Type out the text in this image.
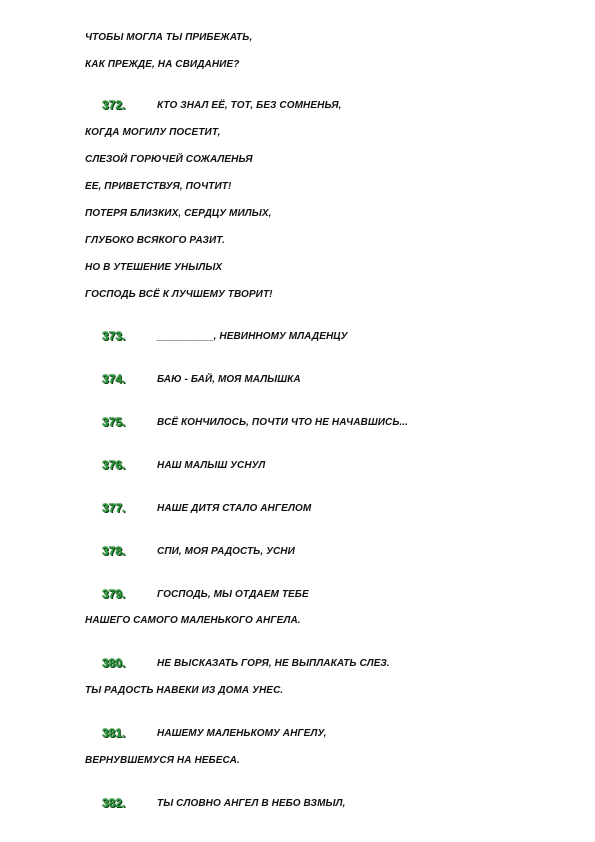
ЧТОБЫ МОГЛА ТЫ ПРИБЕЖАТЬ,
КАК ПРЕЖДЕ, НА СВИДАНИЕ?
372.	КТО ЗНАЛ ЕЁ, ТОТ, БЕЗ СОМНЕНЬЯ,
КОГДА МОГИЛУ ПОСЕТИТ,
СЛЕЗОЙ ГОРЮЧЕЙ СОЖАЛЕНЬЯ
ЕЕ, ПРИВЕТСТВУЯ, ПОЧТИТ!
ПОТЕРЯ БЛИЗКИХ, СЕРДЦУ МИЛЫХ,
ГЛУБОКО ВСЯКОГО РАЗИТ.
НО В УТЕШЕНИЕ УНЫЛЫХ
ГОСПОДЬ ВСЁ К ЛУЧШЕМУ ТВОРИТ!
373.	__________, НЕВИННОМУ МЛАДЕНЦУ
374.	БАЮ - БАЙ, МОЯ МАЛЫШКА
375.	ВСЁ КОНЧИЛОСЬ, ПОЧТИ ЧТО НЕ НАЧАВШИСЬ...
376.	НАШ МАЛЫШ УСНУЛ
377.	НАШЕ ДИТЯ СТАЛО АНГЕЛОМ
378.	СПИ, МОЯ РАДОСТЬ, УСНИ
379.	ГОСПОДЬ, МЫ ОТДАЕМ ТЕБЕ
НАШЕГО САМОГО МАЛЕНЬКОГО АНГЕЛА.
380.	НЕ ВЫСКАЗАТЬ ГОРЯ, НЕ ВЫПЛАКАТЬ СЛЕЗ.
ТЫ РАДОСТЬ НАВЕКИ ИЗ ДОМА УНЕС.
381.	НАШЕМУ МАЛЕНЬКОМУ АНГЕЛУ,
ВЕРНУВШЕМУСЯ НА НЕБЕСА.
382.	ТЫ СЛОВНО АНГЕЛ В НЕБО ВЗМЫЛ,
